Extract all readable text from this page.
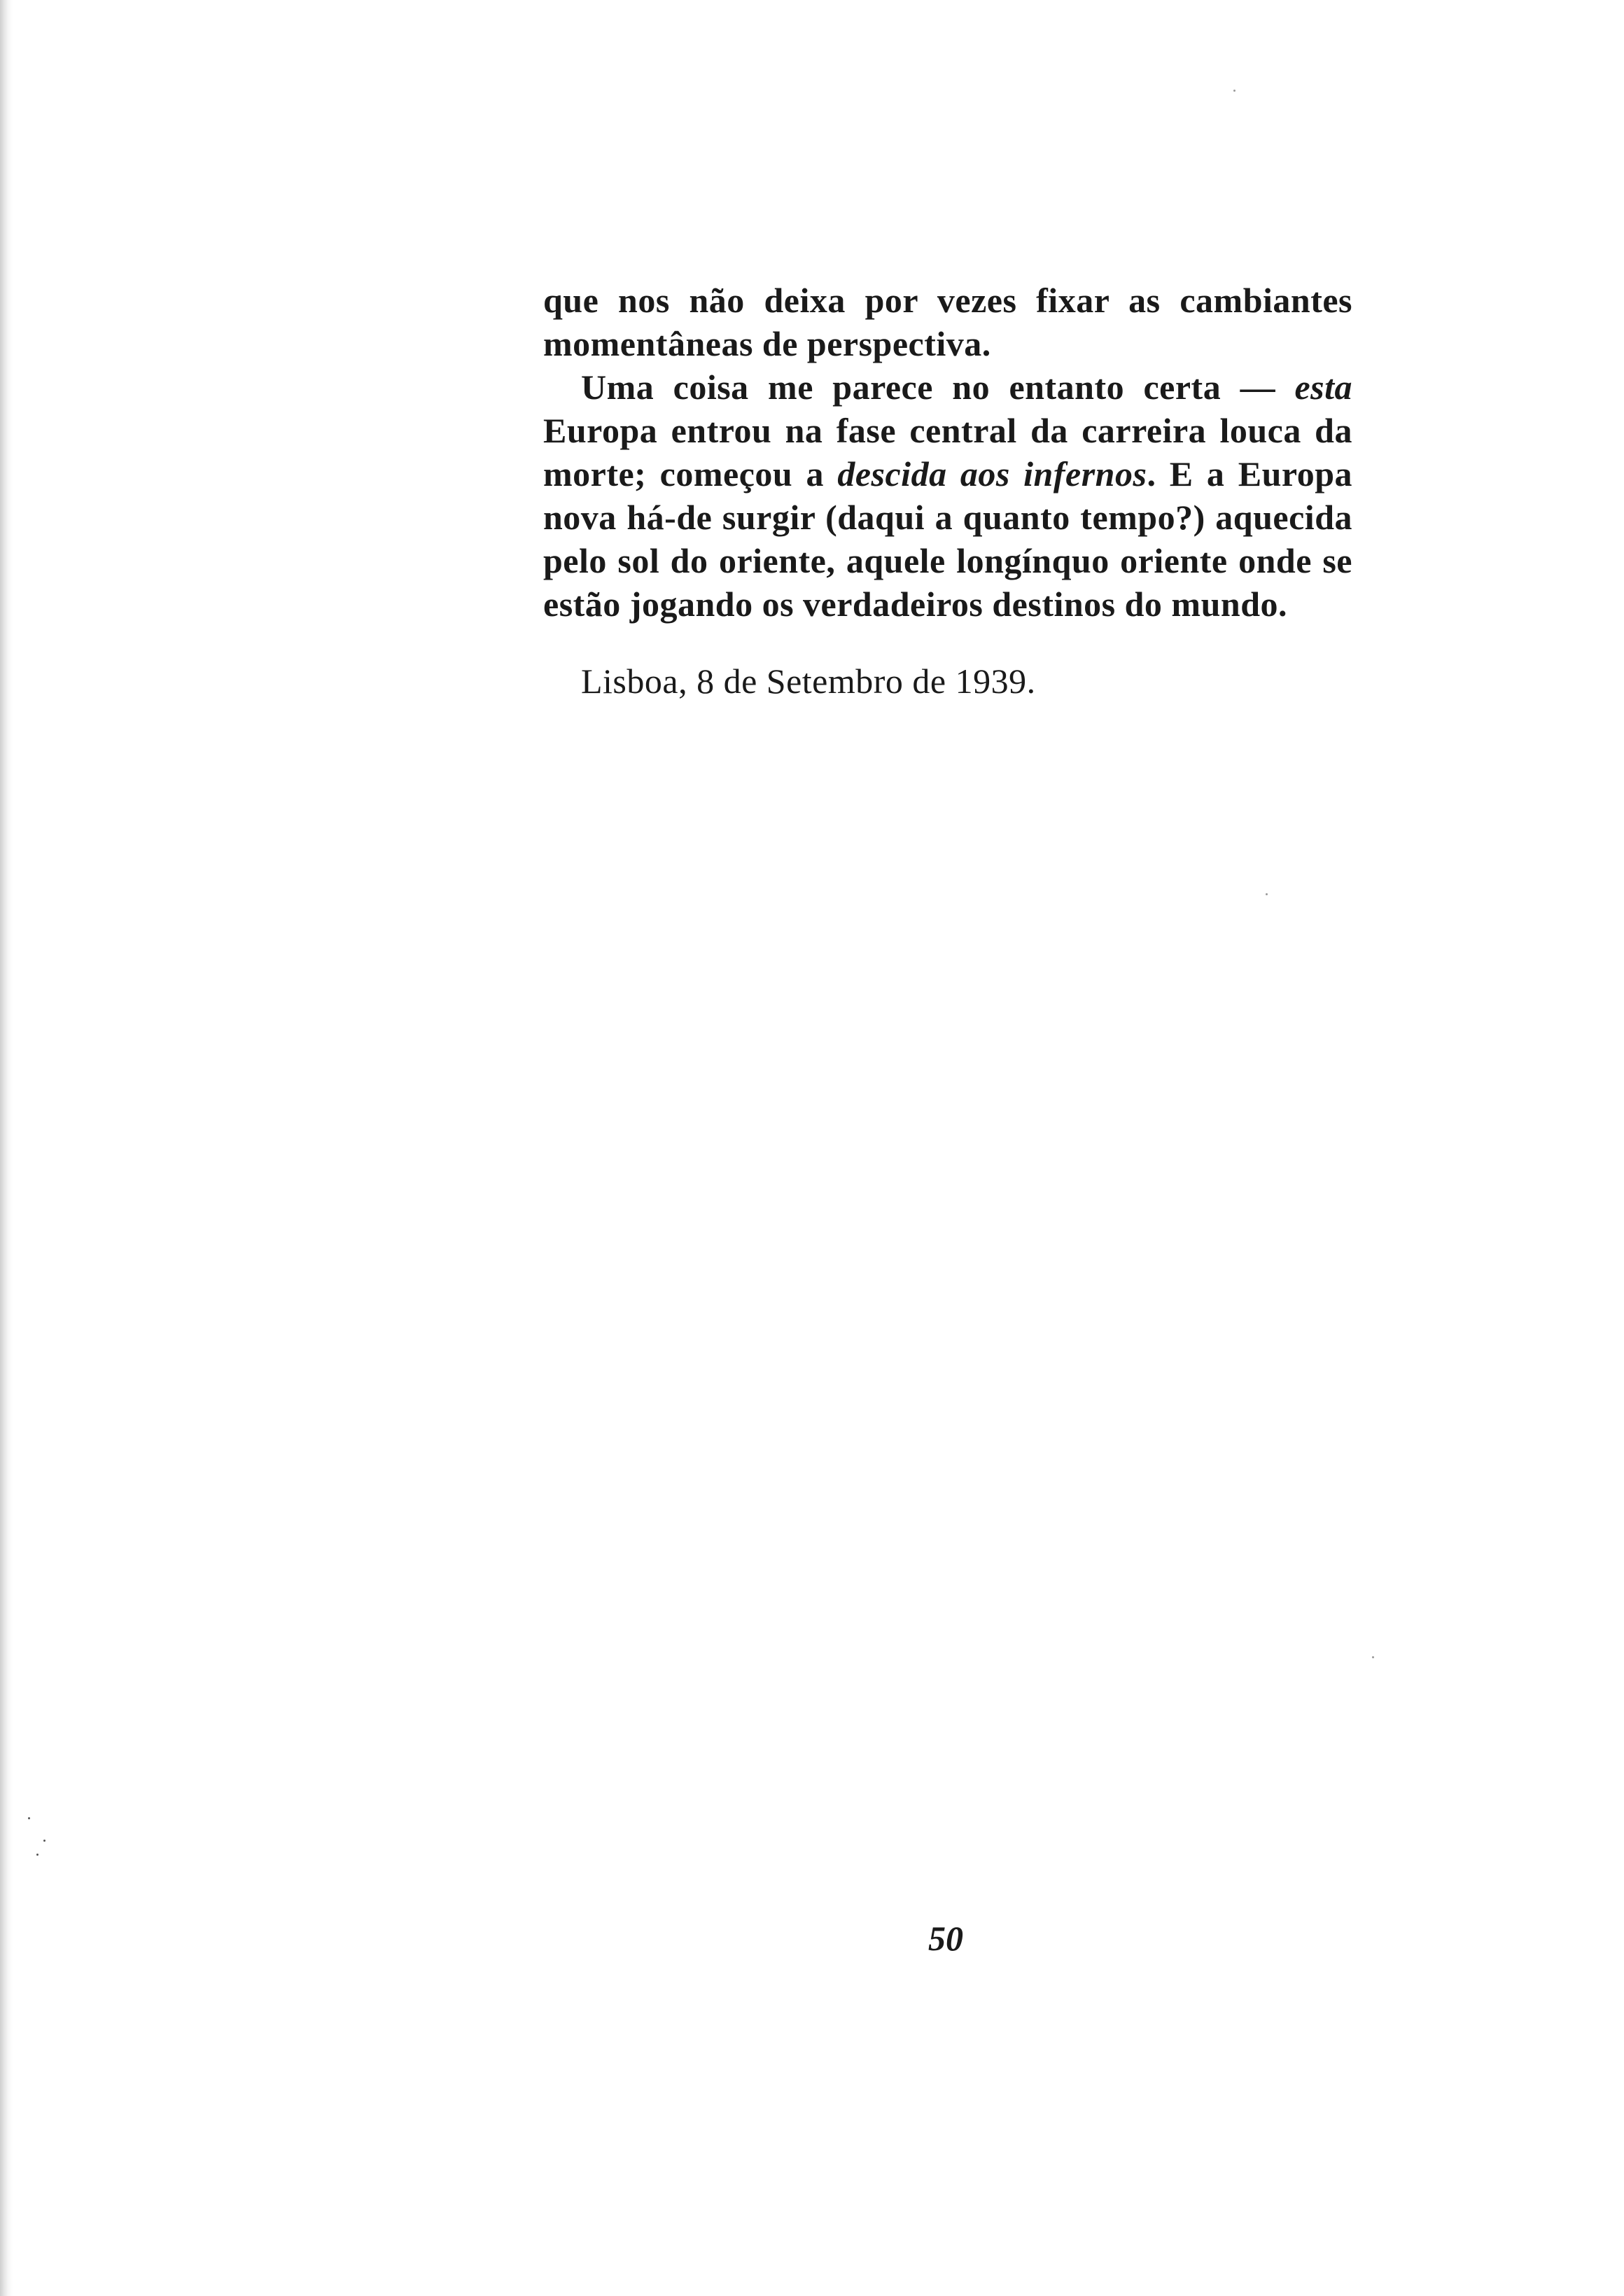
que nos não deixa por vezes fixar as cambiantes momentâneas de perspectiva.

Uma coisa me parece no entanto certa — esta Europa entrou na fase central da carreira louca da morte; começou a descida aos infernos. E a Europa nova há-de surgir (daqui a quanto tempo?) aquecida pelo sol do oriente, aquele longínquo oriente onde se estão jogando os verdadeiros destinos do mundo.

Lisboa, 8 de Setembro de 1939.
50
